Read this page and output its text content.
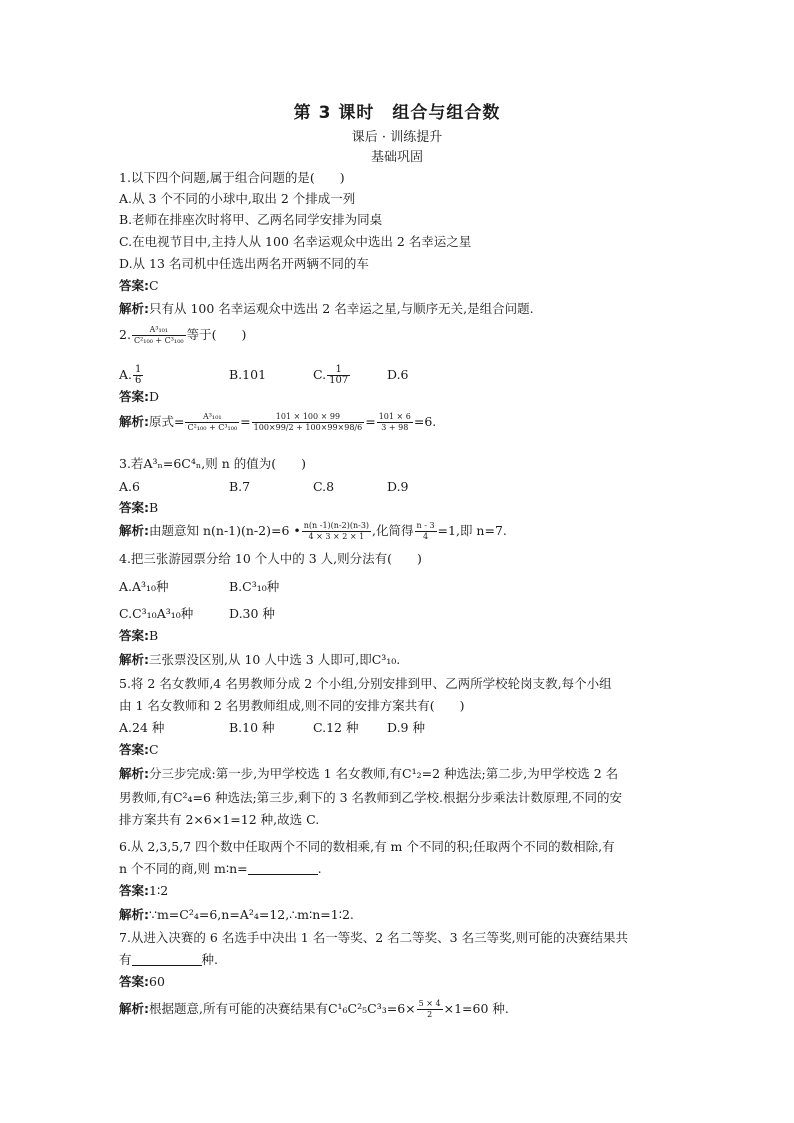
第 3 课时　组合与组合数
课后 · 训练提升
基础巩固
1.以下四个问题,属于组合问题的是(　　)
A.从 3 个不同的小球中,取出 2 个排成一列
B.老师在排座次时将甲、乙两名同学安排为同桌
C.在电视节目中,主持人从 100 名幸运观众中选出 2 名幸运之星
D.从 13 名司机中任选出两名开两辆不同的车
答案:C
解析:只有从 100 名幸运观众中选出 2 名幸运之星,与顺序无关,是组合问题.
2. $\frac{\text{A³₁₀₁}}{\text{C²₁₀₀ + C³₁₀₀}}$ 等于(　　)
A. $\frac{1}{6}$	B.101	C. $\frac{1}{107}$	D.6
答案:D
解析:原式= $\frac{\text{A³₁₀₁}}{\text{C²₁₀₀ + C³₁₀₀}} = \frac{101 \times 100 \times 99}{100\times 99/2 + 100\times 99\times 98/6} = \frac{101 \times 6}{3 + 98} =6$.
3.若A³ₙ=6C⁴ₙ,则 n 的值为(　　)
A.6	B.7	C.8	D.9
答案:B
解析:由题意知 n(n-1)(n-2)=6 • $\frac{n(n -1)(n-2)(n-3)}{4 \times 3 \times 2 \times 1}$ ,化简得 $\frac{n - 3}{4} =1$,即 n=7.
4.把三张游园票分给 10 个人中的 3 人,则分法有(　　)
A.A³₁₀种	B.C³₁₀种
C.C³₁₀A³₁₀种	D.30 种
答案:B
解析:三张票没区别,从 10 人中选 3 人即可,即C³₁₀.
5.将 2 名女教师,4 名男教师分成 2 个小组,分别安排到甲、乙两所学校轮岗支教,每个小组
由 1 名女教师和 2 名男教师组成,则不同的安排方案共有(　　)
A.24 种	B.10 种	C.12 种 D.9 种
答案:C
解析:分三步完成:第一步,为甲学校选 1 名女教师,有C¹₂=2 种选法;第二步,为甲学校选 2 名
男教师,有C²₄=6 种选法;第三步,剩下的 3 名教师到乙学校.根据分步乘法计数原理,不同的安
排方案共有 2×6×1=12 种,故选 C.
6.从 2,3,5,7 四个数中任取两个不同的数相乘,有 m 个不同的积;任取两个不同的数相除,有
n 个不同的商,则 m∶n=	.
答案:1∶2
解析:∵m=C²₄=6,n=A²₄=12,∴m∶n=1∶2.
7.从进入决赛的 6 名选手中决出 1 名一等奖、2 名二等奖、3 名三等奖,则可能的决赛结果共
有	种.
答案:60
解析:根据题意,所有可能的决赛结果有$C^1_6C^2_5C^3_3=6\times \frac{5 \times 4}{2} \times 1=60$ 种.
